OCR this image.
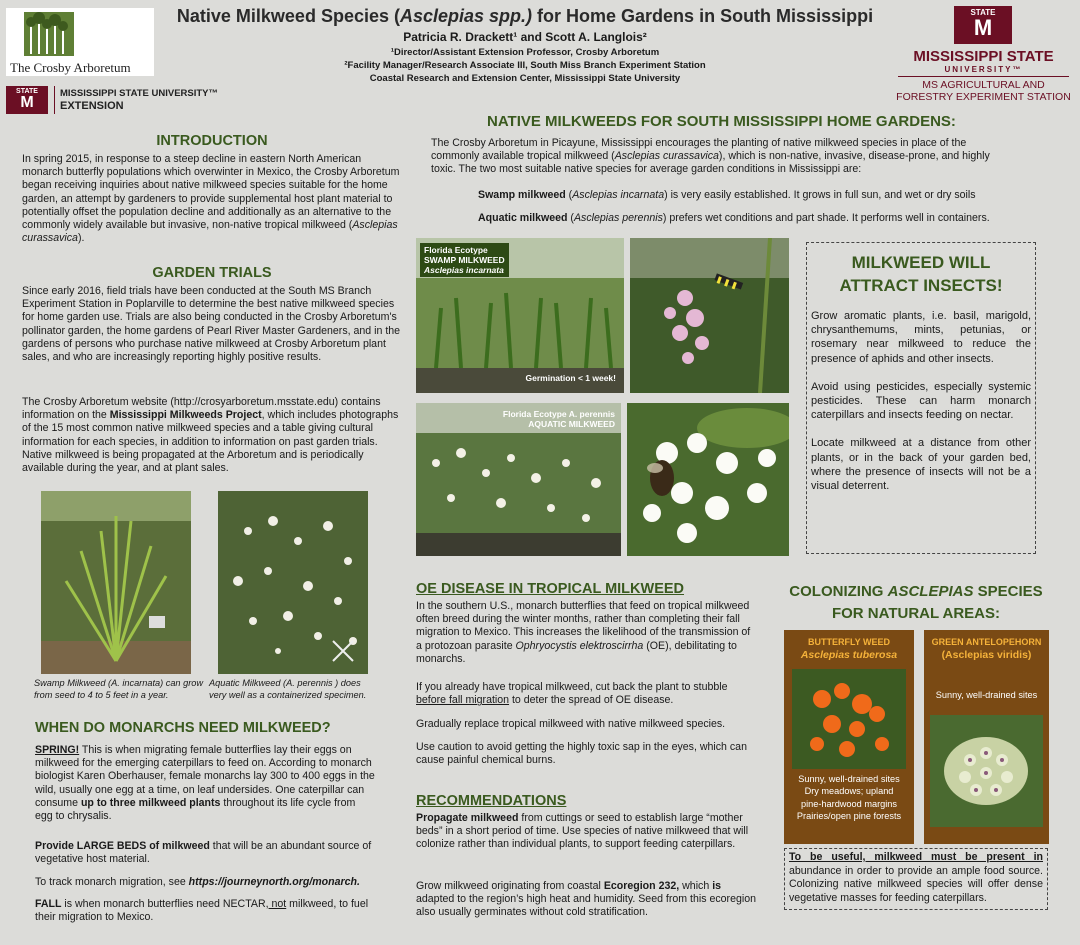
The Crosby Arboretum
STATE
M
MISSISSIPPI STATE UNIVERSITY™
EXTENSION
Native Milkweed Species (Asclepias spp.) for Home Gardens in South Mississippi
Patricia R. Drackett¹ and Scott A. Langlois²
¹Director/Assistant Extension Professor, Crosby Arboretum
²Facility Manager/Research Associate III, South Miss Branch Experiment Station
Coastal Research and Extension Center, Mississippi State University
STATE
M
MISSISSIPPI STATE
UNIVERSITY™
MS AGRICULTURAL AND
FORESTRY EXPERIMENT STATION
INTRODUCTION

In spring 2015, in response to a steep decline in eastern North American monarch butterfly populations which overwinter in Mexico, the Crosby Arboretum began receiving inquiries about native milkweed species suitable for the home garden, an attempt by gardeners to provide supplemental host plant material to potentially offset the population decline and additionally as an alternative to the commonly widely available but invasive, non-native tropical milkweed (Asclepias curassavica).

GARDEN TRIALS

Since early 2016, field trials have been conducted at the South MS Branch Experiment Station in Poplarville to determine the best native milkweed species for home garden use. Trials are also being conducted in the Crosby Arboretum's pollinator garden, the home gardens of Pearl River Master Gardeners, and in the gardens of persons who purchase native milkweed at Crosby Arboretum plant sales, and who are increasingly reporting highly positive results.

The Crosby Arboretum website (http://crosyarboretum.msstate.edu) contains information on the Mississippi Milkweeds Project, which includes photographs of the 15 most common native milkweed species and a table giving cultural information for each species, in addition to information on past garden trials. Native milkweed is being propagated at the Arboretum and is periodically available during the year, and at plant sales.

Swamp Milkweed (A. incarnata) can grow from seed to 4 to 5 feet in a year.

Aquatic Milkweed (A. perennis ) does very well as a containerized specimen.

WHEN DO MONARCHS NEED MILKWEED?

SPRING! This is when migrating female butterflies lay their eggs on milkweed for the emerging caterpillars to feed on. According to monarch biologist Karen Oberhauser, female monarchs lay 300 to 400 eggs in the wild, usually one egg at a time, on leaf undersides. One caterpillar can consume up to three milkweed plants throughout its life cycle from egg to chrysalis.

Provide LARGE BEDS of milkweed that will be an abundant source of vegetative host material.

To track monarch migration, see https://journeynorth.org/monarch.

FALL is when monarch butterflies need NECTAR, not milkweed, to fuel their migration to Mexico.

NATIVE MILKWEEDS FOR SOUTH MISSISSIPPI HOME GARDENS:

The Crosby Arboretum in Picayune, Mississippi encourages the planting of native milkweed species in place of the commonly available tropical milkweed (Asclepias curassavica), which is non-native, invasive, disease-prone, and highly toxic. The two most suitable native species for average garden conditions in Mississippi are:

Swamp milkweed (Asclepias incarnata) is very easily established. It grows in full sun, and wet or dry soils

Aquatic milkweed (Asclepias perennis) prefers wet conditions and part shade. It performs well in containers.

Florida Ecotype
SWAMP MILKWEED
Asclepias incarnata
Germination < 1 week!
Florida Ecotype A. perennis
AQUATIC MILKWEED
MILKWEED WILL
ATTRACT INSECTS!

Grow aromatic plants, i.e. basil, marigold, chrysanthemums, mints, petunias, or rosemary near milkweed to reduce the presence of aphids and other insects.

Avoid using pesticides, especially systemic pesticides. These can harm monarch caterpillars and insects feeding on nectar.

Locate milkweed at a distance from other plants, or in the back of your garden bed, where the presence of insects will not be a visual deterrent.

OE DISEASE IN TROPICAL MILKWEED

In the southern U.S., monarch butterflies that feed on tropical milkweed often breed during the winter months, rather than completing their fall migration to Mexico. This increases the likelihood of the transmission of a protozoan parasite Ophryocystis elektroscirrha (OE), debilitating to monarchs.

If you already have tropical milkweed, cut back the plant to stubble before fall migration to deter the spread of OE disease.

Gradually replace tropical milkweed with native milkweed species.

Use caution to avoid getting the highly toxic sap in the eyes, which can cause painful chemical burns.

RECOMMENDATIONS

Propagate milkweed from cuttings or seed to establish large “mother beds” in a short period of time. Use species of native milkweed that will colonize rather than individual plants, to support feeding caterpillars.

Grow milkweed originating from coastal Ecoregion 232, which is adapted to the region’s high heat and humidity. Seed from this ecoregion also usually germinates without cold stratification.

COLONIZING ASCLEPIAS SPECIES
FOR NATURAL AREAS:
BUTTERFLY WEED
Asclepias tuberosa
Sunny, well-drained sites
Dry meadows; upland
pine-hardwood margins
Prairies/open pine forests
GREEN ANTELOPEHORN
(Asclepias viridis)
Sunny, well-drained sites

To be useful, milkweed must be present in abundance in order to provide an ample food source. Colonizing native milkweed species will offer dense vegetative masses for feeding caterpillars.
